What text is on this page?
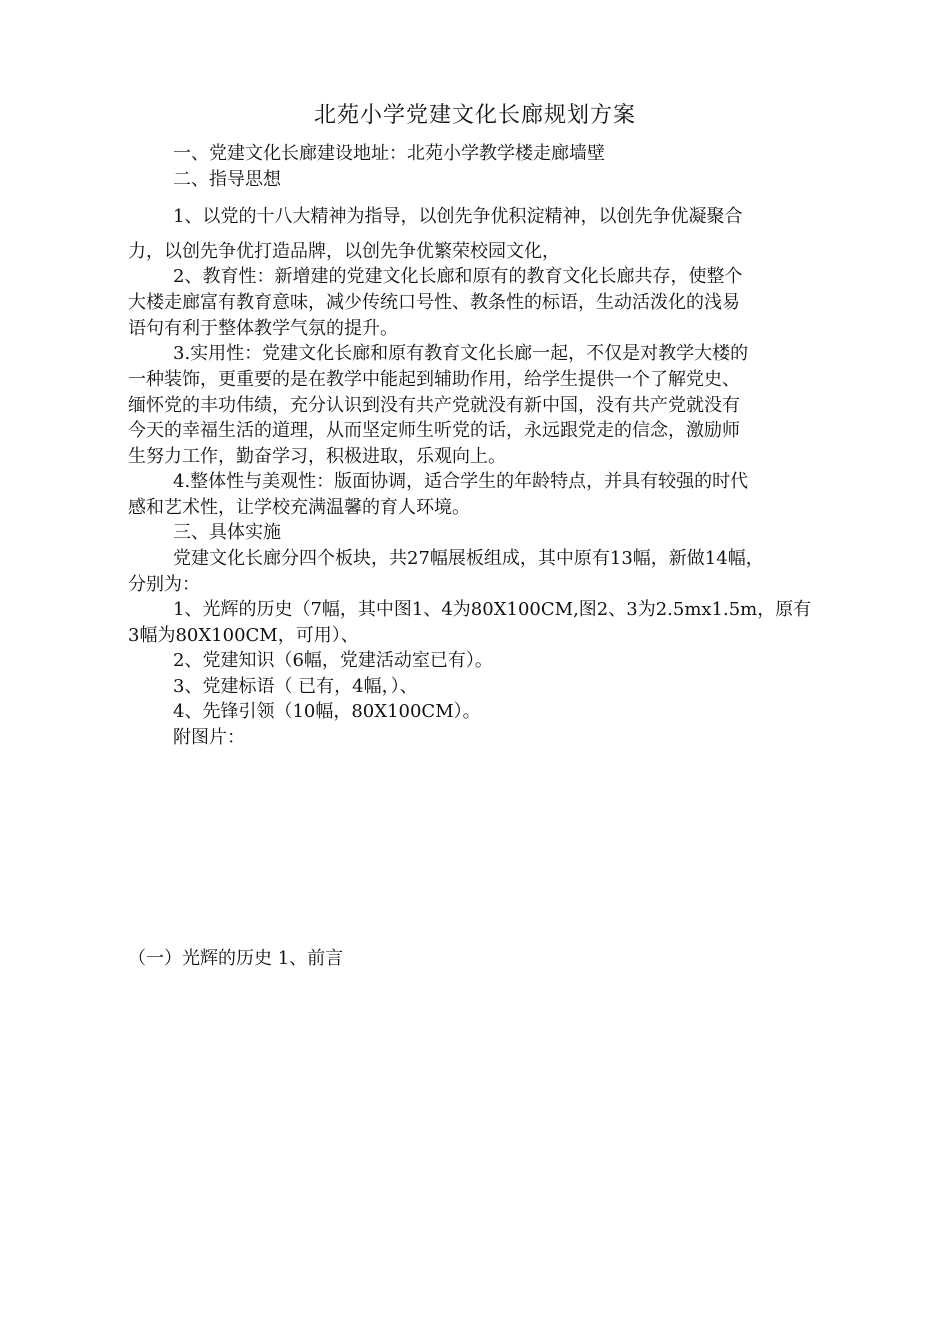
北苑小学党建文化长廊规划方案
一、党建文化长廊建设地址：北苑小学教学楼走廊墙壁
二、指导思想
1、以党的十八大精神为指导，以创先争优积淀精神，以创先争优凝聚合
力，以创先争优打造品牌，以创先争优繁荣校园文化，
2、教育性：新增建的党建文化长廊和原有的教育文化长廊共存，使整个
大楼走廊富有教育意味，减少传统口号性、教条性的标语，生动活泼化的浅易
语句有利于整体教学气氛的提升。
3.实用性：党建文化长廊和原有教育文化长廊一起，不仅是对教学大楼的
一种装饰，更重要的是在教学中能起到辅助作用，给学生提供一个了解党史、
缅怀党的丰功伟绩，充分认识到没有共产党就没有新中国，没有共产党就没有
今天的幸福生活的道理，从而坚定师生听党的话，永远跟党走的信念，激励师
生努力工作，勤奋学习，积极进取，乐观向上。
4.整体性与美观性：版面协调，适合学生的年龄特点，并具有较强的时代
感和艺术性，让学校充满温馨的育人环境。
三、具体实施
党建文化长廊分四个板块，共27幅展板组成，其中原有13幅，新做14幅，
分别为：
1、光辉的历史（7幅，其中图1、4为80X100CM,图2、3为2.5mx1.5m，原有
3幅为80X100CM，可用）、
2、党建知识（6幅，党建活动室已有）。
3、党建标语（ 已有，4幅，）、
4、先锋引领（10幅，80X100CM）。
附图片：
（一）光辉的历史 1、前言
